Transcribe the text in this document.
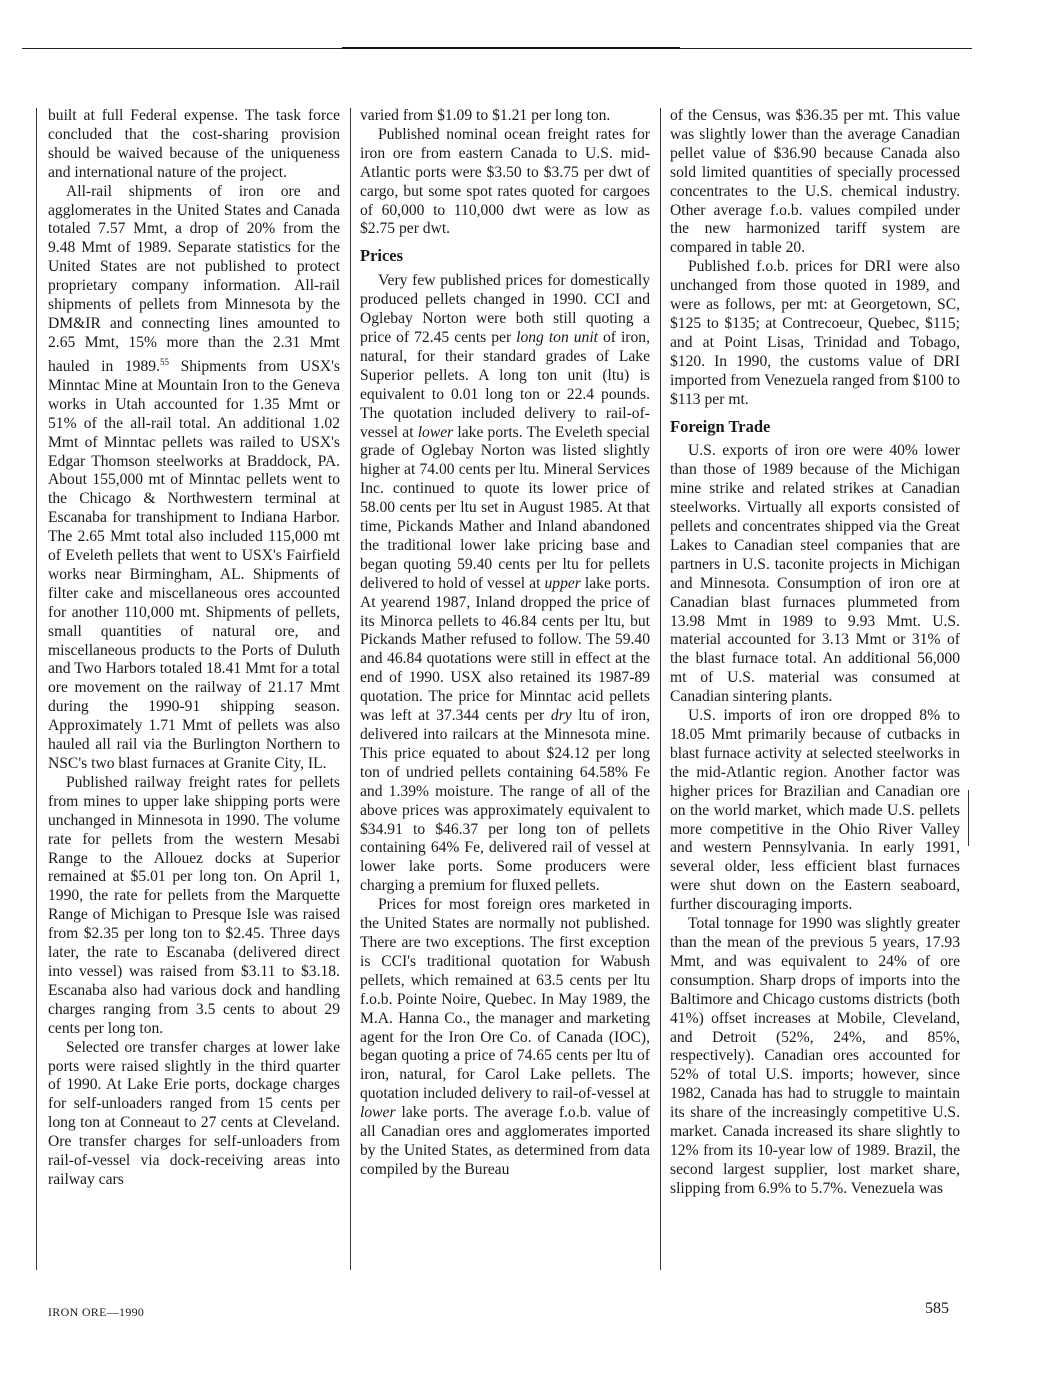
built at full Federal expense. The task force concluded that the cost-sharing provision should be waived because of the uniqueness and international nature of the project.

All-rail shipments of iron ore and agglomerates in the United States and Canada totaled 7.57 Mmt, a drop of 20% from the 9.48 Mmt of 1989. Separate statistics for the United States are not published to protect proprietary company information. All-rail shipments of pellets from Minnesota by the DM&IR and connecting lines amounted to 2.65 Mmt, 15% more than the 2.31 Mmt hauled in 1989.55 Shipments from USX's Minntac Mine at Mountain Iron to the Geneva works in Utah accounted for 1.35 Mmt or 51% of the all-rail total. An additional 1.02 Mmt of Minntac pellets was railed to USX's Edgar Thomson steelworks at Braddock, PA. About 155,000 mt of Minntac pellets went to the Chicago & Northwestern terminal at Escanaba for transhipment to Indiana Harbor. The 2.65 Mmt total also included 115,000 mt of Eveleth pellets that went to USX's Fairfield works near Birmingham, AL. Shipments of filter cake and miscellaneous ores accounted for another 110,000 mt. Shipments of pellets, small quantities of natural ore, and miscellaneous products to the Ports of Duluth and Two Harbors totaled 18.41 Mmt for a total ore movement on the railway of 21.17 Mmt during the 1990-91 shipping season. Approximately 1.71 Mmt of pellets was also hauled all rail via the Burlington Northern to NSC's two blast furnaces at Granite City, IL.

Published railway freight rates for pellets from mines to upper lake shipping ports were unchanged in Minnesota in 1990. The volume rate for pellets from the western Mesabi Range to the Allouez docks at Superior remained at $5.01 per long ton. On April 1, 1990, the rate for pellets from the Marquette Range of Michigan to Presque Isle was raised from $2.35 per long ton to $2.45. Three days later, the rate to Escanaba (delivered direct into vessel) was raised from $3.11 to $3.18. Escanaba also had various dock and handling charges ranging from 3.5 cents to about 29 cents per long ton.

Selected ore transfer charges at lower lake ports were raised slightly in the third quarter of 1990. At Lake Erie ports, dockage charges for self-unloaders ranged from 15 cents per long ton at Conneaut to 27 cents at Cleveland. Ore transfer charges for self-unloaders from rail-of-vessel via dock-receiving areas into railway cars

varied from $1.09 to $1.21 per long ton.

Published nominal ocean freight rates for iron ore from eastern Canada to U.S. mid-Atlantic ports were $3.50 to $3.75 per dwt of cargo, but some spot rates quoted for cargoes of 60,000 to 110,000 dwt were as low as $2.75 per dwt.

Prices

Very few published prices for domestically produced pellets changed in 1990. CCI and Oglebay Norton were both still quoting a price of 72.45 cents per long ton unit of iron, natural, for their standard grades of Lake Superior pellets. A long ton unit (ltu) is equivalent to 0.01 long ton or 22.4 pounds. The quotation included delivery to rail-of-vessel at lower lake ports. The Eveleth special grade of Oglebay Norton was listed slightly higher at 74.00 cents per ltu. Mineral Services Inc. continued to quote its lower price of 58.00 cents per ltu set in August 1985. At that time, Pickands Mather and Inland abandoned the traditional lower lake pricing base and began quoting 59.40 cents per ltu for pellets delivered to hold of vessel at upper lake ports. At yearend 1987, Inland dropped the price of its Minorca pellets to 46.84 cents per ltu, but Pickands Mather refused to follow. The 59.40 and 46.84 quotations were still in effect at the end of 1990. USX also retained its 1987-89 quotation. The price for Minntac acid pellets was left at 37.344 cents per dry ltu of iron, delivered into railcars at the Minnesota mine. This price equated to about $24.12 per long ton of undried pellets containing 64.58% Fe and 1.39% moisture. The range of all of the above prices was approximately equivalent to $34.91 to $46.37 per long ton of pellets containing 64% Fe, delivered rail of vessel at lower lake ports. Some producers were charging a premium for fluxed pellets.

Prices for most foreign ores marketed in the United States are normally not published. There are two exceptions. The first exception is CCI's traditional quotation for Wabush pellets, which remained at 63.5 cents per ltu f.o.b. Pointe Noire, Quebec. In May 1989, the M.A. Hanna Co., the manager and marketing agent for the Iron Ore Co. of Canada (IOC), began quoting a price of 74.65 cents per ltu of iron, natural, for Carol Lake pellets. The quotation included delivery to rail-of-vessel at lower lake ports. The average f.o.b. value of all Canadian ores and agglomerates imported by the United States, as determined from data compiled by the Bureau

of the Census, was $36.35 per mt. This value was slightly lower than the average Canadian pellet value of $36.90 because Canada also sold limited quantities of specially processed concentrates to the U.S. chemical industry. Other average f.o.b. values compiled under the new harmonized tariff system are compared in table 20.

Published f.o.b. prices for DRI were also unchanged from those quoted in 1989, and were as follows, per mt: at Georgetown, SC, $125 to $135; at Contrecoeur, Quebec, $115; and at Point Lisas, Trinidad and Tobago, $120. In 1990, the customs value of DRI imported from Venezuela ranged from $100 to $113 per mt.

Foreign Trade

U.S. exports of iron ore were 40% lower than those of 1989 because of the Michigan mine strike and related strikes at Canadian steelworks. Virtually all exports consisted of pellets and concentrates shipped via the Great Lakes to Canadian steel companies that are partners in U.S. taconite projects in Michigan and Minnesota. Consumption of iron ore at Canadian blast furnaces plummeted from 13.98 Mmt in 1989 to 9.93 Mmt. U.S. material accounted for 3.13 Mmt or 31% of the blast furnace total. An additional 56,000 mt of U.S. material was consumed at Canadian sintering plants.

U.S. imports of iron ore dropped 8% to 18.05 Mmt primarily because of cutbacks in blast furnace activity at selected steelworks in the mid-Atlantic region. Another factor was higher prices for Brazilian and Canadian ore on the world market, which made U.S. pellets more competitive in the Ohio River Valley and western Pennsylvania. In early 1991, several older, less efficient blast furnaces were shut down on the Eastern seaboard, further discouraging imports.

Total tonnage for 1990 was slightly greater than the mean of the previous 5 years, 17.93 Mmt, and was equivalent to 24% of ore consumption. Sharp drops of imports into the Baltimore and Chicago customs districts (both 41%) offset increases at Mobile, Cleveland, and Detroit (52%, 24%, and 85%, respectively). Canadian ores accounted for 52% of total U.S. imports; however, since 1982, Canada has had to struggle to maintain its share of the increasingly competitive U.S. market. Canada increased its share slightly to 12% from its 10-year low of 1989. Brazil, the second largest supplier, lost market share, slipping from 6.9% to 5.7%. Venezuela was

IRON ORE—1990	585
